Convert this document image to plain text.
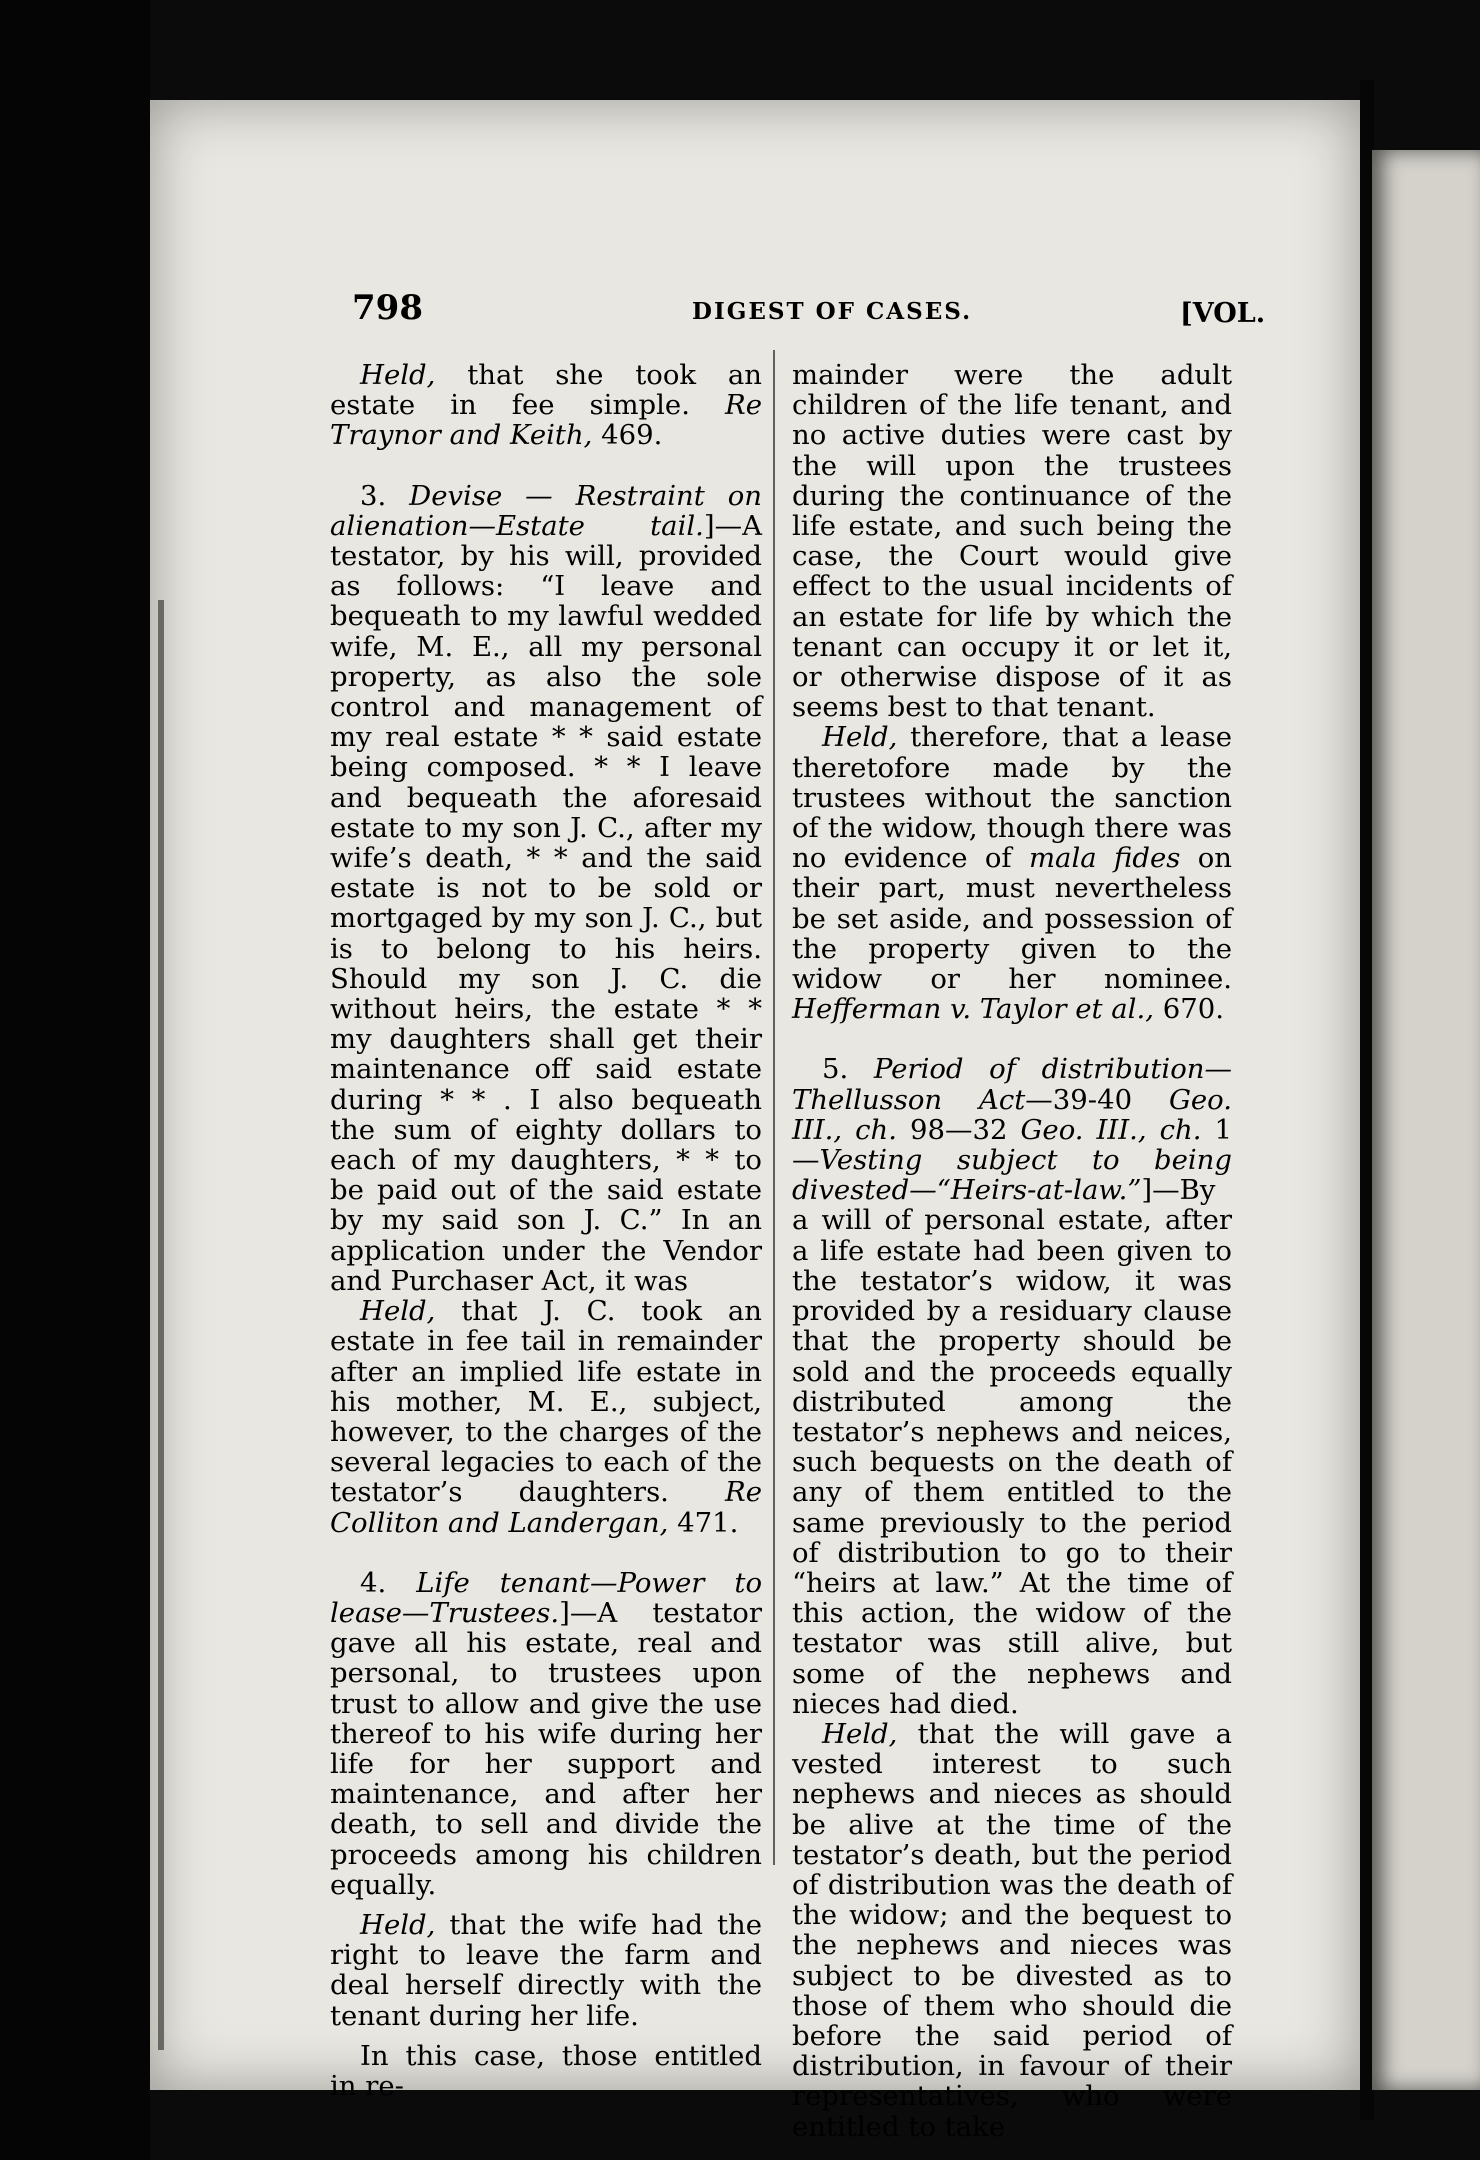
798	DIGEST OF CASES.	[VOL.

Held, that she took an estate in fee simple. Re Traynor and Keith, 469.

3. Devise — Restraint on alienation—Estate tail.]—A testator, by his will, provided as follows: “I leave and bequeath to my lawful wedded wife, M. E., all my personal property, as also the sole control and management of my real estate * * said estate being composed. * * I leave and bequeath the aforesaid estate to my son J. C., after my wife’s death, * * and the said estate is not to be sold or mortgaged by my son J. C., but is to belong to his heirs. Should my son J. C. die without heirs, the estate * * my daughters shall get their maintenance off said estate during * * . I also bequeath the sum of eighty dollars to each of my daughters, * * to be paid out of the said estate by my said son J. C.” In an application under the Vendor and Purchaser Act, it was

Held, that J. C. took an estate in fee tail in remainder after an implied life estate in his mother, M. E., subject, however, to the charges of the several legacies to each of the testator’s daughters. Re Colliton and Landergan, 471.

4. Life tenant—Power to lease—Trustees.]—A testator gave all his estate, real and personal, to trustees upon trust to allow and give the use thereof to his wife during her life for her support and maintenance, and after her death, to sell and divide the proceeds among his children equally.

Held, that the wife had the right to leave the farm and deal herself directly with the tenant during her life.

In this case, those entitled in re-

mainder were the adult children of the life tenant, and no active duties were cast by the will upon the trustees during the continuance of the life estate, and such being the case, the Court would give effect to the usual incidents of an estate for life by which the tenant can occupy it or let it, or otherwise dispose of it as seems best to that tenant.

Held, therefore, that a lease theretofore made by the trustees without the sanction of the widow, though there was no evidence of mala fides on their part, must nevertheless be set aside, and possession of the property given to the widow or her nominee. Hefferman v. Taylor et al., 670.

5. Period of distribution—Thellusson Act—39-40 Geo. III., ch. 98—32 Geo. III., ch. 1—Vesting subject to being divested—“Heirs-at-law.”]—By a will of personal estate, after a life estate had been given to the testator’s widow, it was provided by a residuary clause that the property should be sold and the proceeds equally distributed among the testator’s nephews and neices, such bequests on the death of any of them entitled to the same previously to the period of distribution to go to their “heirs at law.” At the time of this action, the widow of the testator was still alive, but some of the nephews and nieces had died.

Held, that the will gave a vested interest to such nephews and nieces as should be alive at the time of the testator’s death, but the period of distribution was the death of the widow; and the bequest to the nephews and nieces was subject to be divested as to those of them who should die before the said period of distribution, in favour of their representatives, who were entitled to take
